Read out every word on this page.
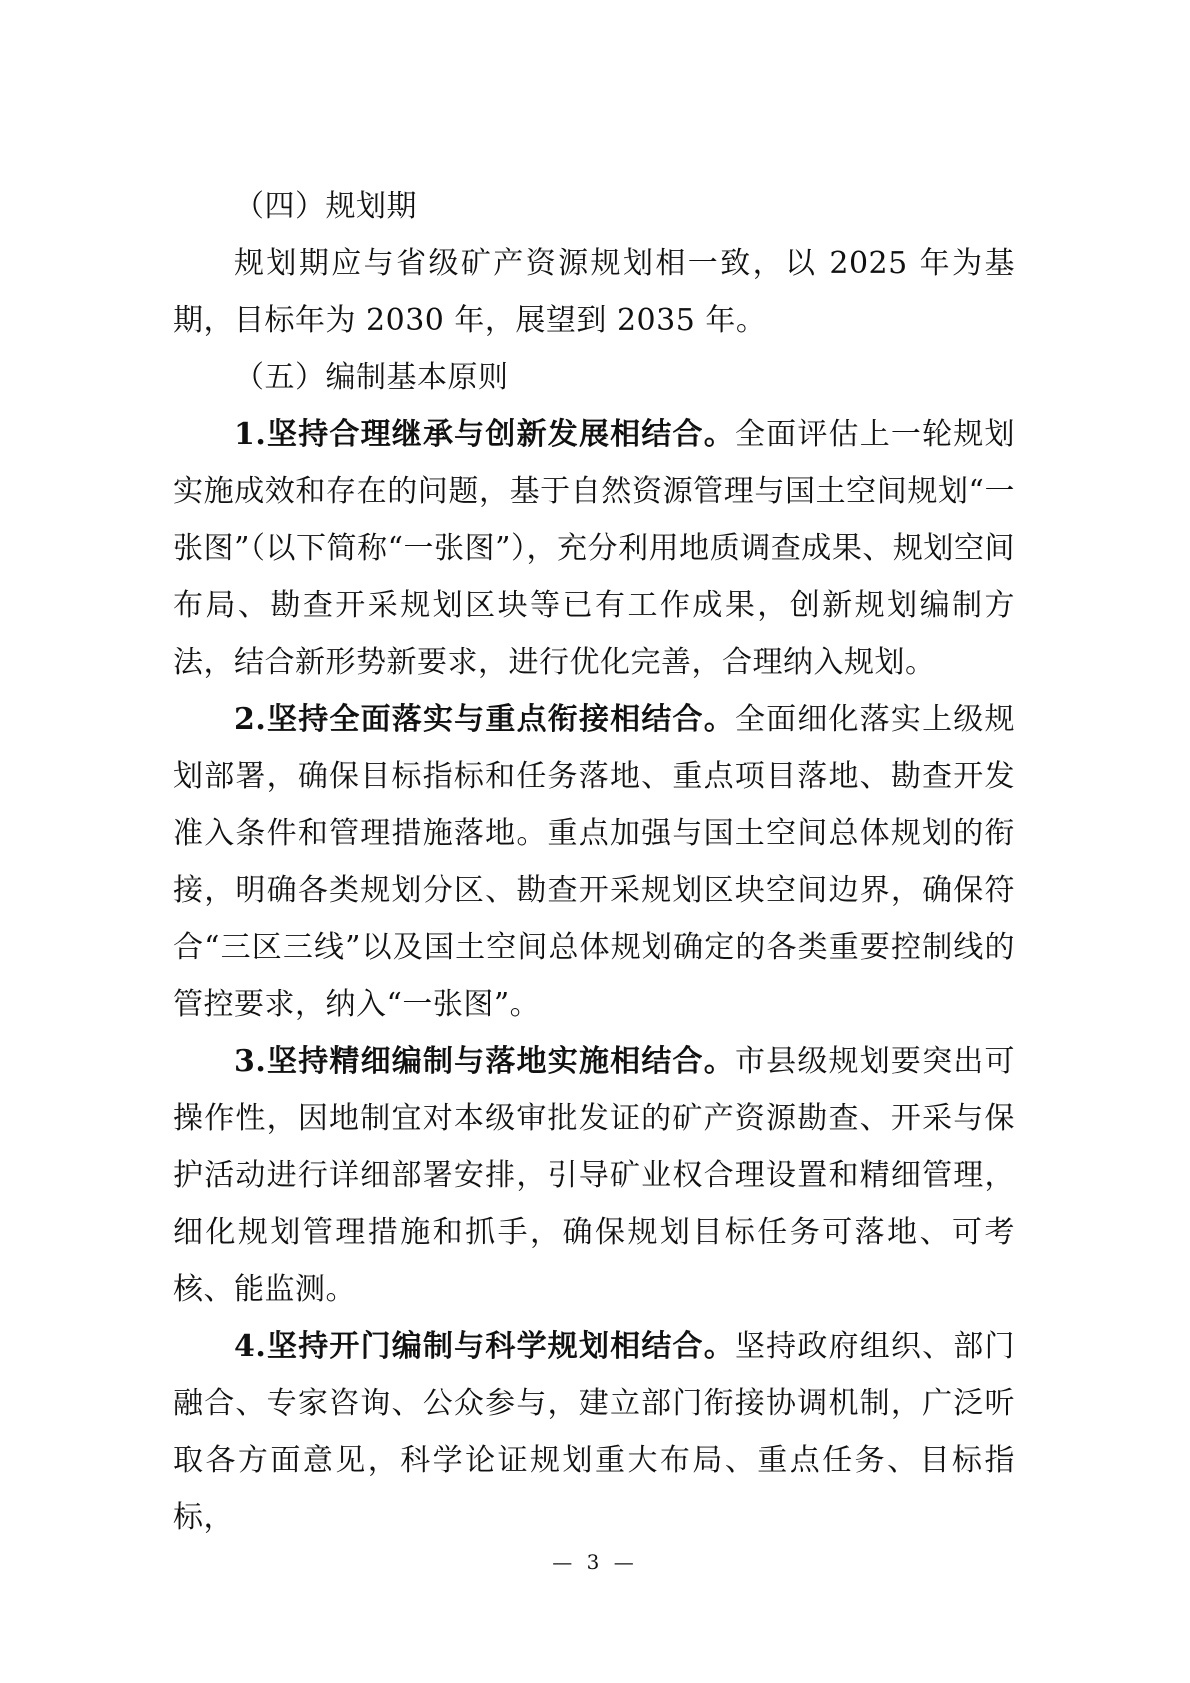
（四）规划期

规划期应与省级矿产资源规划相一致，以 2025 年为基期，目标年为 2030 年，展望到 2035 年。

（五）编制基本原则

1.坚持合理继承与创新发展相结合。全面评估上一轮规划实施成效和存在的问题，基于自然资源管理与国土空间规划“一张图”（以下简称“一张图”），充分利用地质调查成果、规划空间布局、勘查开采规划区块等已有工作成果，创新规划编制方法，结合新形势新要求，进行优化完善，合理纳入规划。

2.坚持全面落实与重点衔接相结合。全面细化落实上级规划部署，确保目标指标和任务落地、重点项目落地、勘查开发准入条件和管理措施落地。重点加强与国土空间总体规划的衔接，明确各类规划分区、勘查开采规划区块空间边界，确保符合“三区三线”以及国土空间总体规划确定的各类重要控制线的管控要求，纳入“一张图”。

3.坚持精细编制与落地实施相结合。市县级规划要突出可操作性，因地制宜对本级审批发证的矿产资源勘查、开采与保护活动进行详细部署安排，引导矿业权合理设置和精细管理，细化规划管理措施和抓手，确保规划目标任务可落地、可考核、能监测。

4.坚持开门编制与科学规划相结合。坚持政府组织、部门融合、专家咨询、公众参与，建立部门衔接协调机制，广泛听取各方面意见，科学论证规划重大布局、重点任务、目标指标，

— 3 —
